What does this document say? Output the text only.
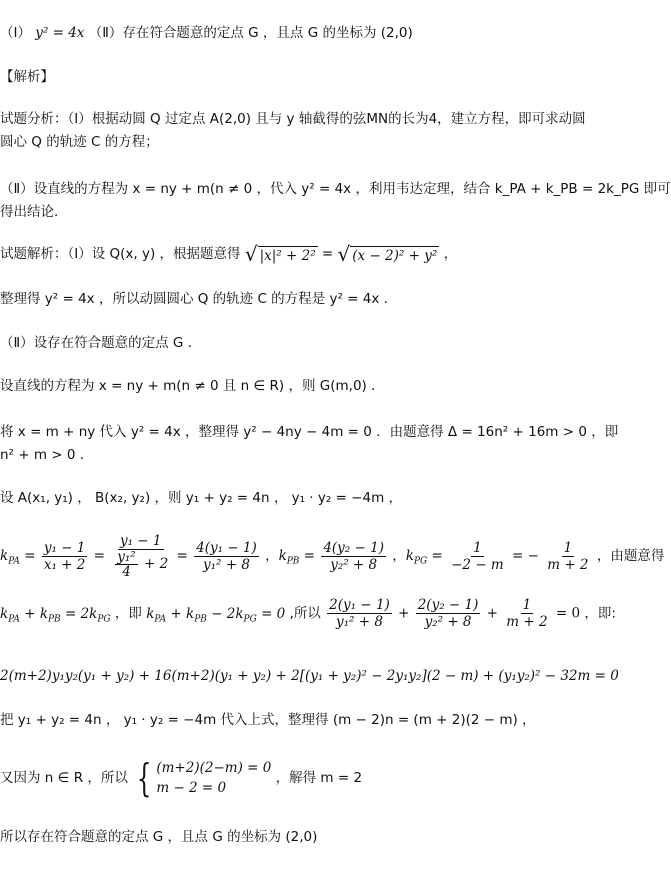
（Ⅰ） y² = 4x （Ⅱ）存在符合题意的定点 G ，且点 G 的坐标为 (2,0)
【解析】
试题分析：（Ⅰ）根据动圆 Q 过定点 A(2,0) 且与 y 轴截得的弦MN的长为4，建立方程，即可求动圆
圆心 Q 的轨迹 C 的方程；
（Ⅱ）设直线的方程为 x = ny + m(n ≠ 0 ，代入 y² = 4x ，利用韦达定理，结合 k_PA + k_PB = 2k_PG 即可
得出结论．
试题解析：（Ⅰ）设 Q(x, y) ，根据题意得 √ |x|² + 2² = √ (x − 2)² + y² ，
整理得 y² = 4x ，所以动圆圆心 Q 的轨迹 C 的方程是 y² = 4x ．
（Ⅱ）设存在符合题意的定点 G ．
设直线的方程为 x = ny + m(n ≠ 0 且 n ∈ R) ，则 G(m,0) ．
将 x = m + ny 代入 y² = 4x ，整理得 y² − 4ny − 4m = 0 ．由题意得 Δ = 16n² + 16m > 0 ，即
n² + m > 0 ．
设 A(x₁, y₁) ， B(x₂, y₂) ，则 y₁ + y₂ = 4n ， y₁ · y₂ = −4m ，
$k_{PA} = \frac{\text{y₁ − 1}}{\text{x₁ + 2}} = \frac{\text{y₁ − 1}}{\frac{\text{y₁²}}{4} + 2} = \frac{\text{4(y₁ − 1)}}{\text{y₁² + 8}}$ ，$k_{PB} = \frac{\text{4(y₂ − 1)}}{\text{y₂² + 8}}$ ，$k_{PG} = \frac{1}{-2 - m}$ = − $\frac{1}{m + 2}$ ，由题意得
$k_{PA} + k_{PB} = 2k_{PG}$ ，即 $k_{PA} + k_{PB} - 2k_{PG} = 0$ ,所以 $\frac{\text{2(y₁ − 1)}}{\text{y₁² + 8}} + \frac{\text{2(y₂ − 1)}}{\text{y₂² + 8}} + \frac{1}{m + 2} = 0$ ，即:
2(m+2)y₁y₂(y₁ + y₂) + 16(m+2)(y₁ + y₂) + 2[(y₁ + y₂)² − 2y₁y₂](2 − m) + (y₁y₂)² − 32m = 0
把 y₁ + y₂ = 4n ， y₁ · y₂ = −4m 代入上式，整理得 (m − 2)n = (m + 2)(2 − m) ，
又因为 n ∈ R ，所以 { (m+2)(2−m) = 0
m − 2 = 0
，解得 m = 2
所以存在符合题意的定点 G ，且点 G 的坐标为 (2,0)
